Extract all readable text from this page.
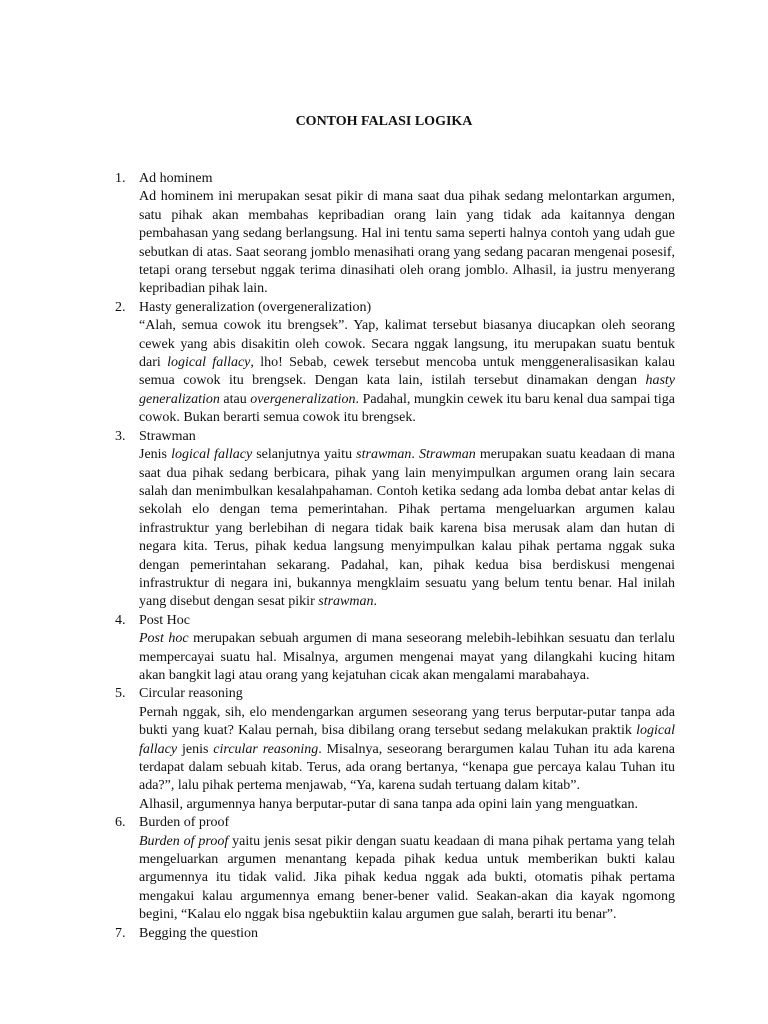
CONTOH FALASI LOGIKA
1. Ad hominem
Ad hominem ini merupakan sesat pikir di mana saat dua pihak sedang melontarkan argumen, satu pihak akan membahas kepribadian orang lain yang tidak ada kaitannya dengan pembahasan yang sedang berlangsung. Hal ini tentu sama seperti halnya contoh yang udah gue sebutkan di atas. Saat seorang jomblo menasihati orang yang sedang pacaran mengenai posesif, tetapi orang tersebut nggak terima dinasihati oleh orang jomblo. Alhasil, ia justru menyerang kepribadian pihak lain.
2. Hasty generalization (overgeneralization)
“Alah, semua cowok itu brengsek”. Yap, kalimat tersebut biasanya diucapkan oleh seorang cewek yang abis disakitin oleh cowok. Secara nggak langsung, itu merupakan suatu bentuk dari logical fallacy, lho! Sebab, cewek tersebut mencoba untuk menggeneralisasikan kalau semua cowok itu brengsek. Dengan kata lain, istilah tersebut dinamakan dengan hasty generalization atau overgeneralization. Padahal, mungkin cewek itu baru kenal dua sampai tiga cowok. Bukan berarti semua cowok itu brengsek.
3. Strawman
Jenis logical fallacy selanjutnya yaitu strawman. Strawman merupakan suatu keadaan di mana saat dua pihak sedang berbicara, pihak yang lain menyimpulkan argumen orang lain secara salah dan menimbulkan kesalahpahaman. Contoh ketika sedang ada lomba debat antar kelas di sekolah elo dengan tema pemerintahan. Pihak pertama mengeluarkan argumen kalau infrastruktur yang berlebihan di negara tidak baik karena bisa merusak alam dan hutan di negara kita. Terus, pihak kedua langsung menyimpulkan kalau pihak pertama nggak suka dengan pemerintahan sekarang. Padahal, kan, pihak kedua bisa berdiskusi mengenai infrastruktur di negara ini, bukannya mengklaim sesuatu yang belum tentu benar. Hal inilah yang disebut dengan sesat pikir strawman.
4. Post Hoc
Post hoc merupakan sebuah argumen di mana seseorang melebih-lebihkan sesuatu dan terlalu mempercayai suatu hal. Misalnya, argumen mengenai mayat yang dilangkahi kucing hitam akan bangkit lagi atau orang yang kejatuhan cicak akan mengalami marabahaya.
5. Circular reasoning
Pernah nggak, sih, elo mendengarkan argumen seseorang yang terus berputar-putar tanpa ada bukti yang kuat? Kalau pernah, bisa dibilang orang tersebut sedang melakukan praktik logical fallacy jenis circular reasoning. Misalnya, seseorang berargumen kalau Tuhan itu ada karena terdapat dalam sebuah kitab. Terus, ada orang bertanya, “kenapa gue percaya kalau Tuhan itu ada?”, lalu pihak pertema menjawab, “Ya, karena sudah tertuang dalam kitab”.
Alhasil, argumennya hanya berputar-putar di sana tanpa ada opini lain yang menguatkan.
6. Burden of proof
Burden of proof yaitu jenis sesat pikir dengan suatu keadaan di mana pihak pertama yang telah mengeluarkan argumen menantang kepada pihak kedua untuk memberikan bukti kalau argumennya itu tidak valid. Jika pihak kedua nggak ada bukti, otomatis pihak pertama mengakui kalau argumennya emang bener-bener valid. Seakan-akan dia kayak ngomong begini, “Kalau elo nggak bisa ngebuktiin kalau argumen gue salah, berarti itu benar”.
7. Begging the question
